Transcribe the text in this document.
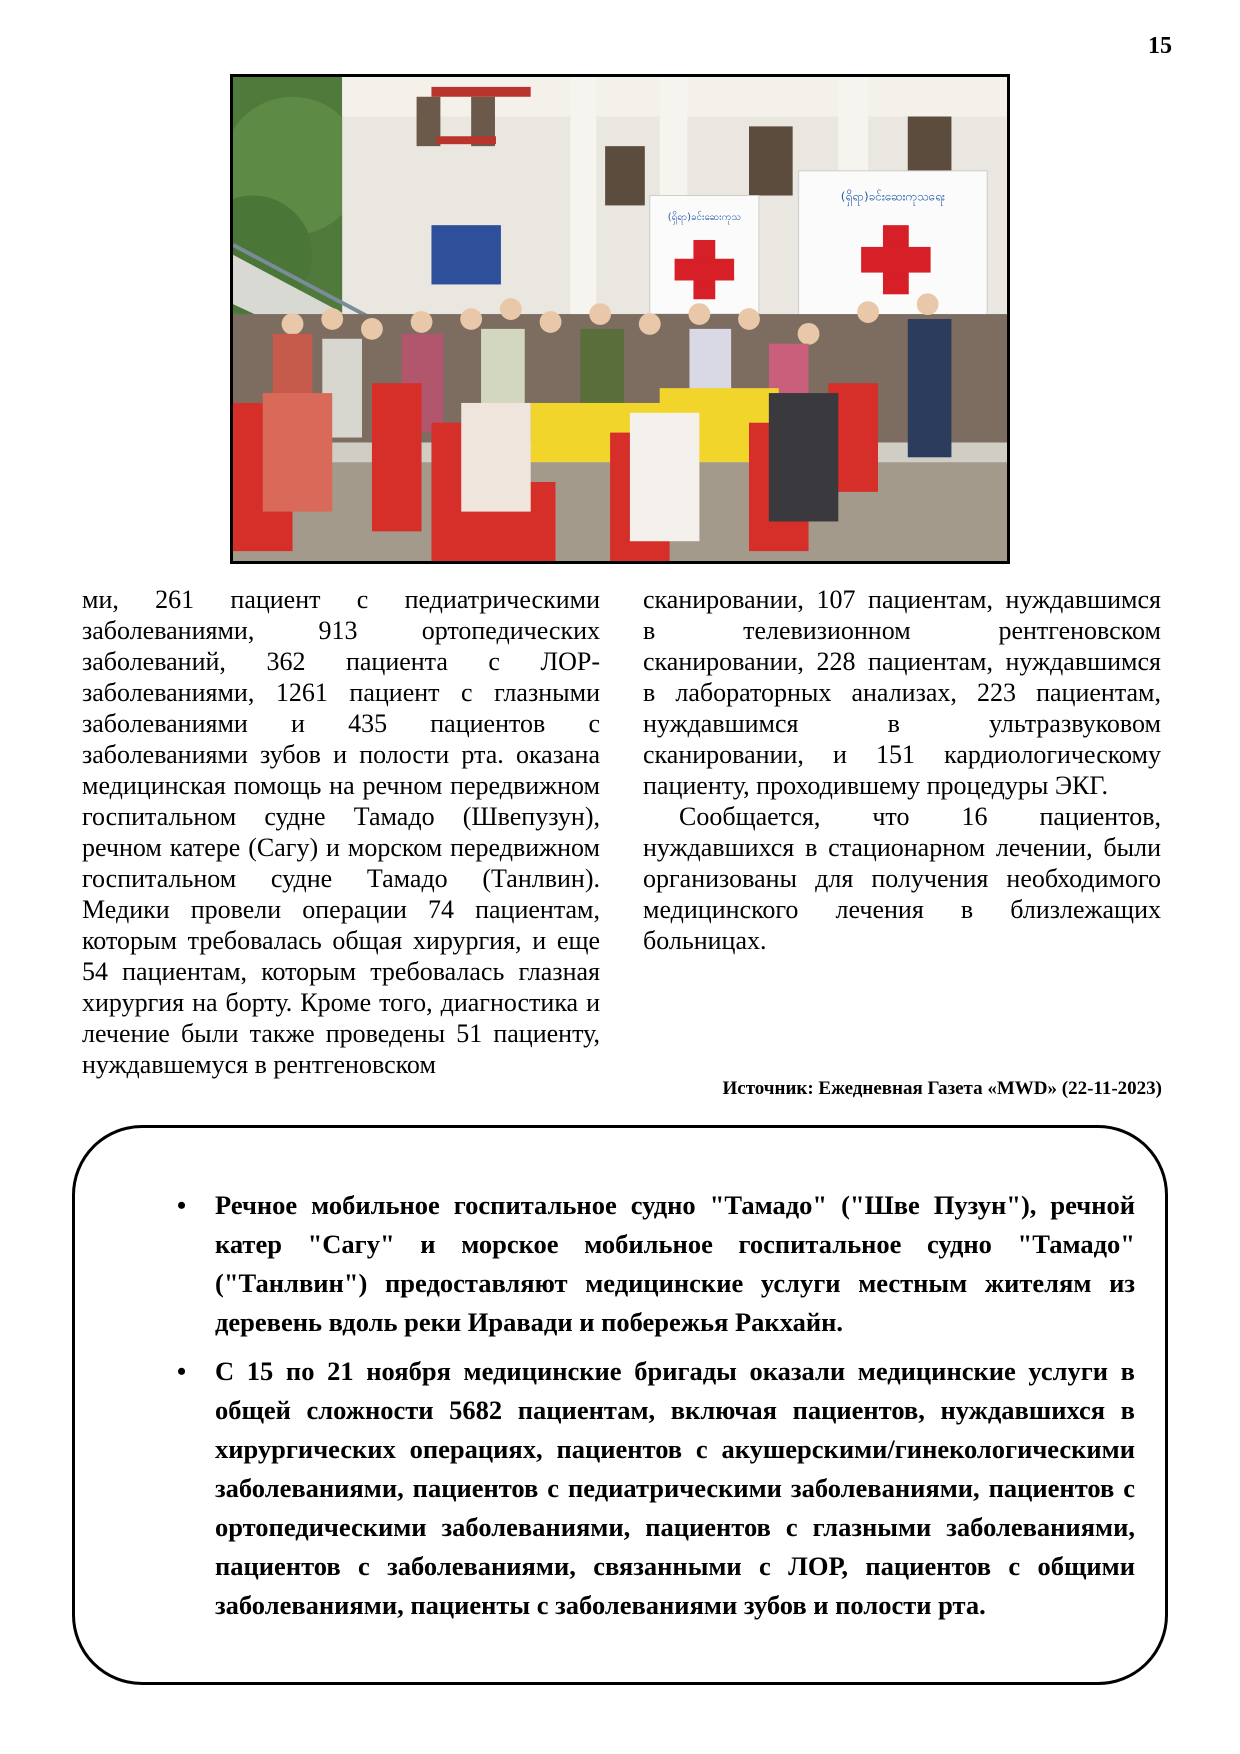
15
(ရှိရာ)ခင်းဆေးကုသ
(ရှိရာ)ခင်းဆေးကုသရေး

ми, 261 пациент с педиатрическими заболеваниями, 913 ортопедических заболеваний, 362 пациента с ЛОР-заболеваниями, 1261 пациент с глазными заболеваниями и 435 пациентов с заболеваниями зубов и полости рта. оказана медицинская помощь на речном передвижном госпитальном судне Тамадо (Швепузун), речном катере (Сагу) и морском передвижном госпитальном судне Тамадо (Танлвин). Медики провели операции 74 пациентам, которым требовалась общая хирургия, и еще 54 пациентам, которым требовалась глазная хирургия на борту. Кроме того, диагностика и лечение были также проведены 51 пациенту, нуждавшемуся в рентгеновском

сканировании, 107 пациентам, нуждавшимся в телевизионном рентгеновском сканировании, 228 пациентам, нуждавшимся в лабораторных анализах, 223 пациентам, нуждавшимся в ультразвуковом сканировании, и 151 кардиологическому пациенту, проходившему процедуры ЭКГ.

Сообщается, что 16 пациентов, нуждавшихся в стационарном лечении, были организованы для получения необходимого медицинского лечения в близлежащих больницах.

Источник: Ежедневная Газета «MWD» (22-11-2023)
• Речное мобильное госпитальное судно "Тамадо" ("Шве Пузун"), речной катер "Сагу" и морское мобильное госпитальное судно "Тамадо" ("Танлвин") предоставляют медицинские услуги местным жителям из деревень вдоль реки Иравади и побережья Ракхайн.
• С 15 по 21 ноября медицинские бригады оказали медицинские услуги в общей сложности 5682 пациентам, включая пациентов, нуждавшихся в хирургических операциях, пациентов с акушерскими/гинекологическими заболеваниями, пациентов с педиатрическими заболеваниями, пациентов с ортопедическими заболеваниями, пациентов с глазными заболеваниями, пациентов с заболеваниями, связанными с ЛОР, пациентов с общими заболеваниями, пациенты с заболеваниями зубов и полости рта.
